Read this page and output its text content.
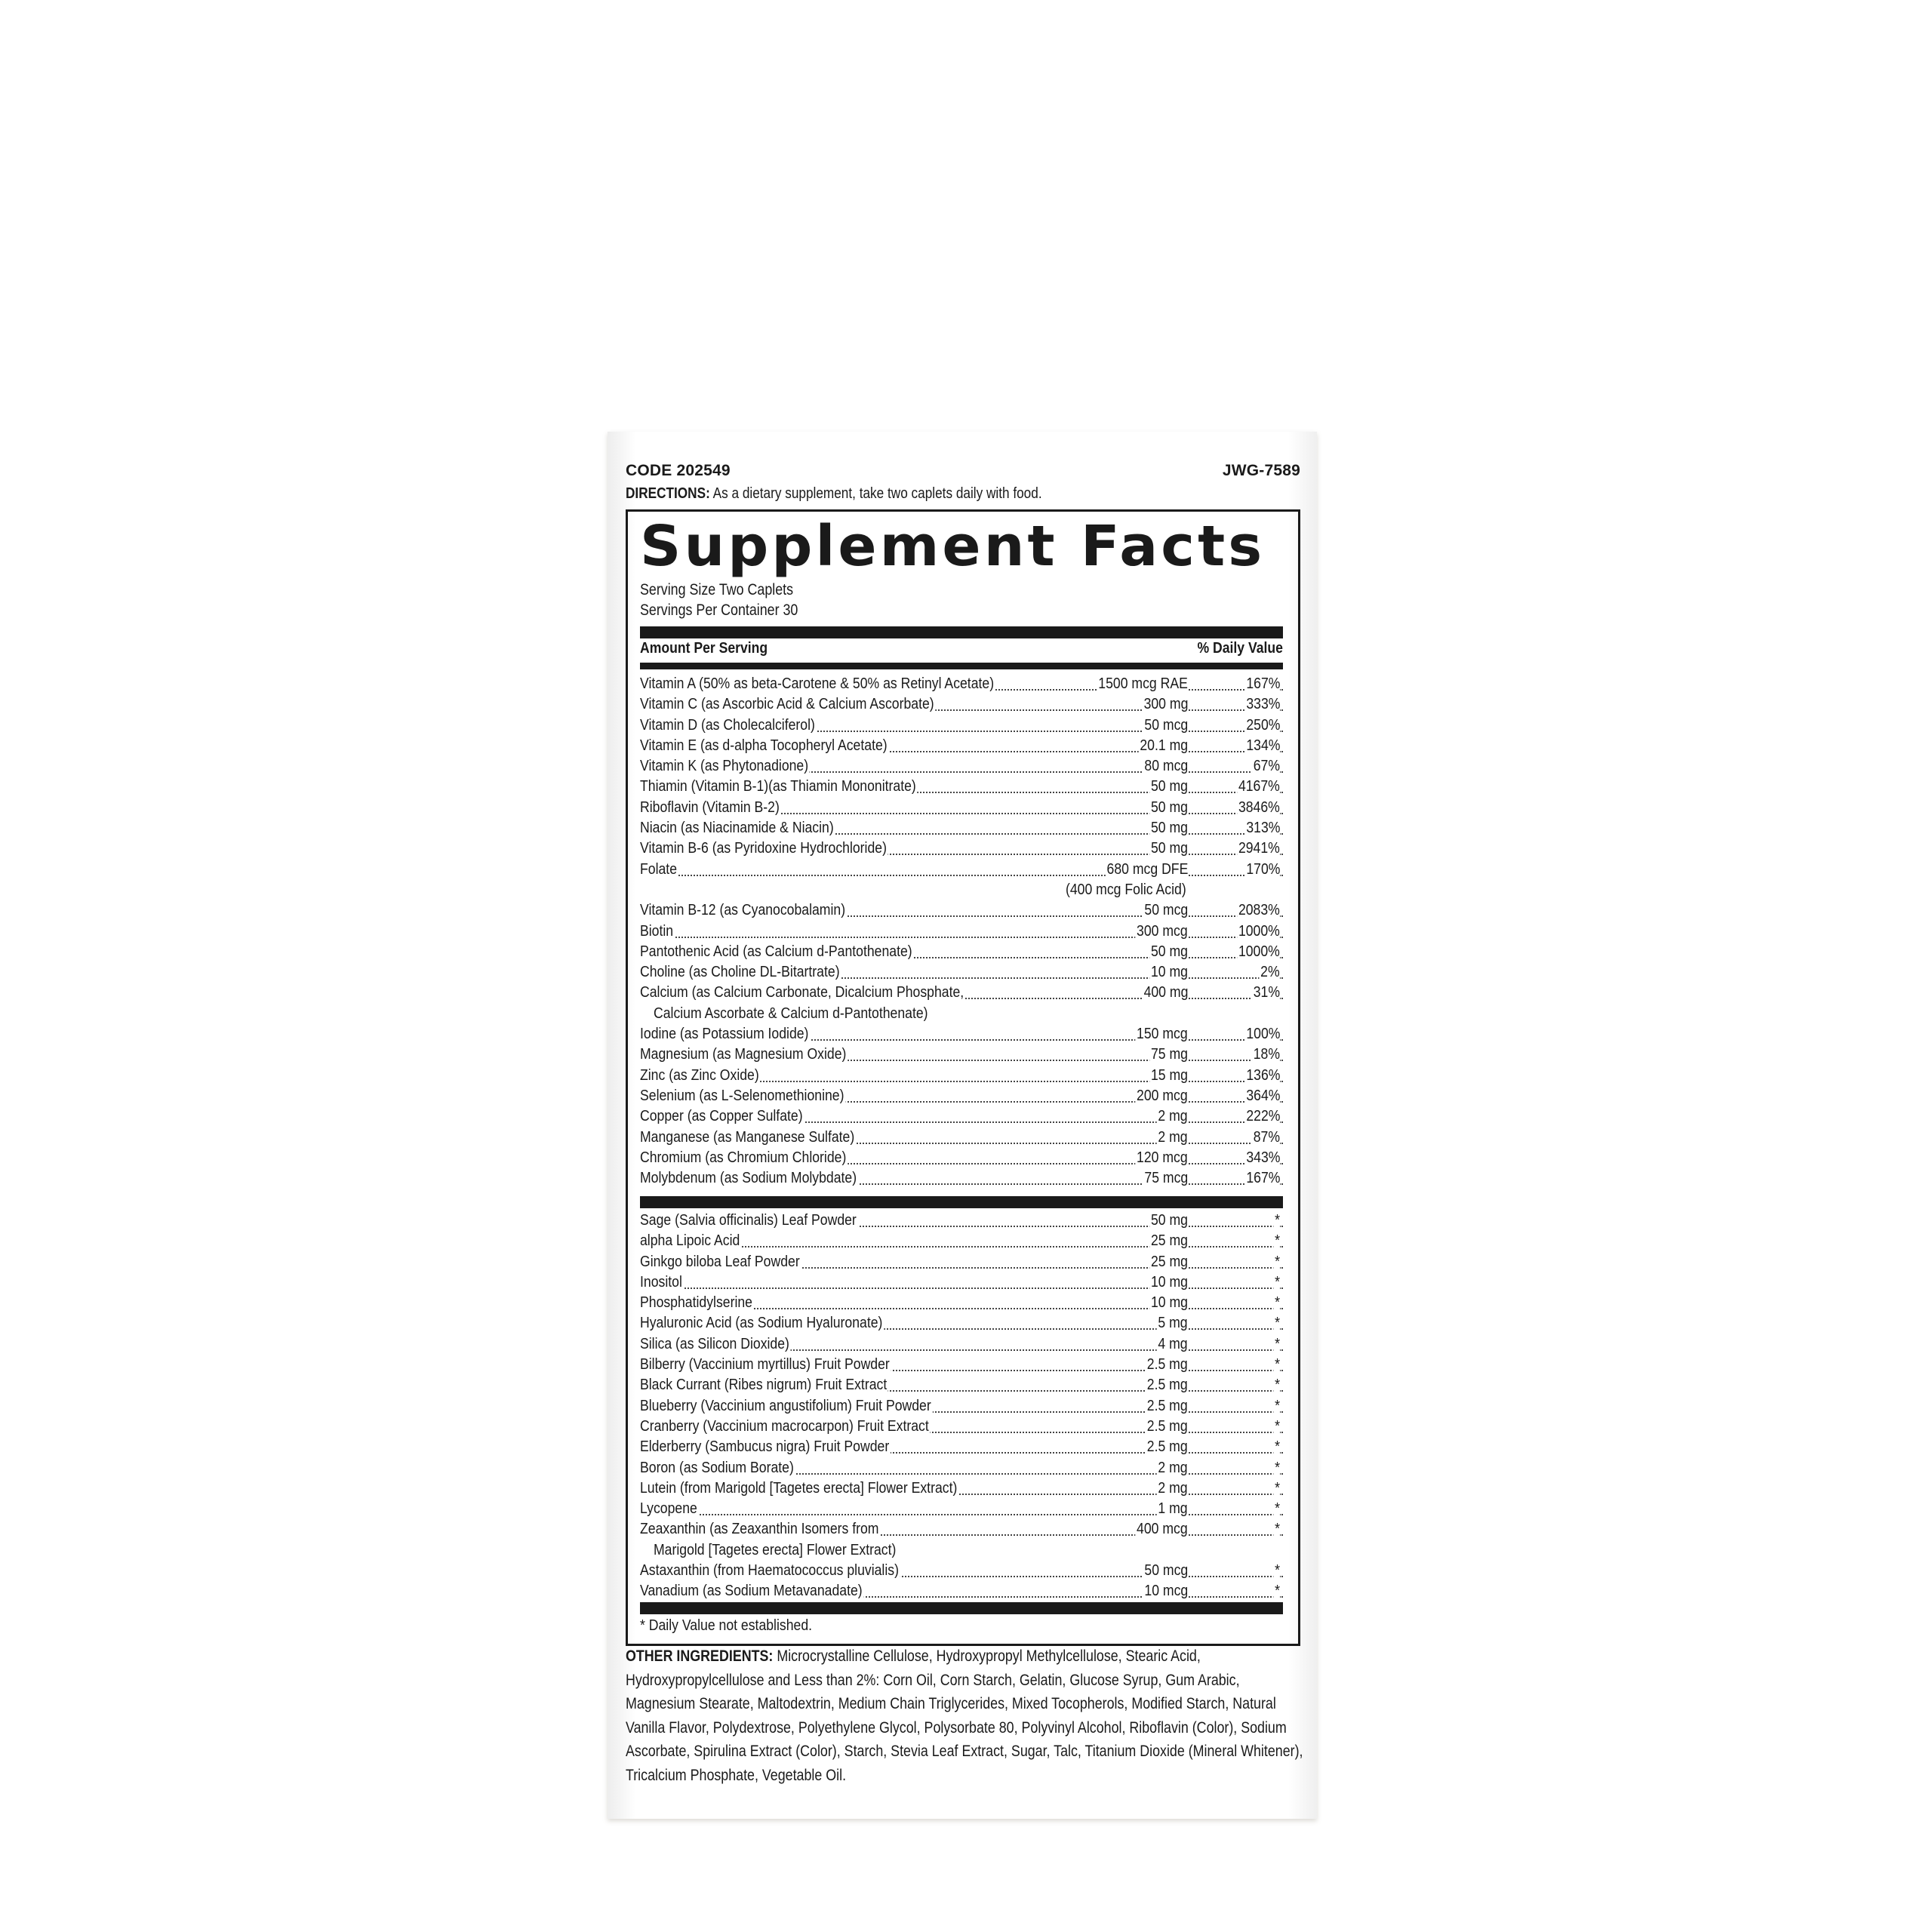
CODE 202549	JWG-7589
DIRECTIONS: As a dietary supplement, take two caplets daily with food.
Supplement Facts
Serving Size Two Caplets
Servings Per Container 30
Amount Per Serving	% Daily Value
Vitamin A (50% as beta-Carotene & 50% as Retinyl Acetate)	1500 mcg RAE	167%
Vitamin C (as Ascorbic Acid & Calcium Ascorbate)	300 mg	333%
Vitamin D (as Cholecalciferol)	50 mcg	250%
Vitamin E (as d-alpha Tocopheryl Acetate)	20.1 mg	134%
Vitamin K (as Phytonadione)	80 mcg	67%
Thiamin (Vitamin B-1)(as Thiamin Mononitrate)	50 mg	4167%
Riboflavin (Vitamin B-2)	50 mg	3846%
Niacin (as Niacinamide & Niacin)	50 mg	313%
Vitamin B-6 (as Pyridoxine Hydrochloride)	50 mg	2941%
Folate	680 mcg DFE	170%
(400 mcg Folic Acid)
Vitamin B-12 (as Cyanocobalamin)	50 mcg	2083%
Biotin	300 mcg	1000%
Pantothenic Acid (as Calcium d-Pantothenate)	50 mg	1000%
Choline (as Choline DL-Bitartrate)	10 mg	2%
Calcium (as Calcium Carbonate, Dicalcium Phosphate,	400 mg	31%
Calcium Ascorbate & Calcium d-Pantothenate)
Iodine (as Potassium Iodide)	150 mcg	100%
Magnesium (as Magnesium Oxide)	75 mg	18%
Zinc (as Zinc Oxide)	15 mg	136%
Selenium (as L-Selenomethionine)	200 mcg	364%
Copper (as Copper Sulfate)	2 mg	222%
Manganese (as Manganese Sulfate)	2 mg	87%
Chromium (as Chromium Chloride)	120 mcg	343%
Molybdenum (as Sodium Molybdate)	75 mcg	167%
Sage (Salvia officinalis) Leaf Powder	50 mg	*
alpha Lipoic Acid	25 mg	*
Ginkgo biloba Leaf Powder	25 mg	*
Inositol	10 mg	*
Phosphatidylserine	10 mg	*
Hyaluronic Acid (as Sodium Hyaluronate)	5 mg	*
Silica (as Silicon Dioxide)	4 mg	*
Bilberry (Vaccinium myrtillus) Fruit Powder	2.5 mg	*
Black Currant (Ribes nigrum) Fruit Extract	2.5 mg	*
Blueberry (Vaccinium angustifolium) Fruit Powder	2.5 mg	*
Cranberry (Vaccinium macrocarpon) Fruit Extract	2.5 mg	*
Elderberry (Sambucus nigra) Fruit Powder	2.5 mg	*
Boron (as Sodium Borate)	2 mg	*
Lutein (from Marigold [Tagetes erecta] Flower Extract)	2 mg	*
Lycopene	1 mg	*
Zeaxanthin (as Zeaxanthin Isomers from	400 mcg	*
Marigold [Tagetes erecta] Flower Extract)
Astaxanthin (from Haematococcus pluvialis)	50 mcg	*
Vanadium (as Sodium Metavanadate)	10 mcg	*
* Daily Value not established.
OTHER INGREDIENTS: Microcrystalline Cellulose, Hydroxypropyl Methylcellulose, Stearic Acid, Hydroxypropylcellulose and Less than 2%: Corn Oil, Corn Starch, Gelatin, Glucose Syrup, Gum Arabic, Magnesium Stearate, Maltodextrin, Medium Chain Triglycerides, Mixed Tocopherols, Modified Starch, Natural Vanilla Flavor, Polydextrose, Polyethylene Glycol, Polysorbate 80, Polyvinyl Alcohol, Riboflavin (Color), Sodium Ascorbate, Spirulina Extract (Color), Starch, Stevia Leaf Extract, Sugar, Talc, Titanium Dioxide (Mineral Whitener), Tricalcium Phosphate, Vegetable Oil.
